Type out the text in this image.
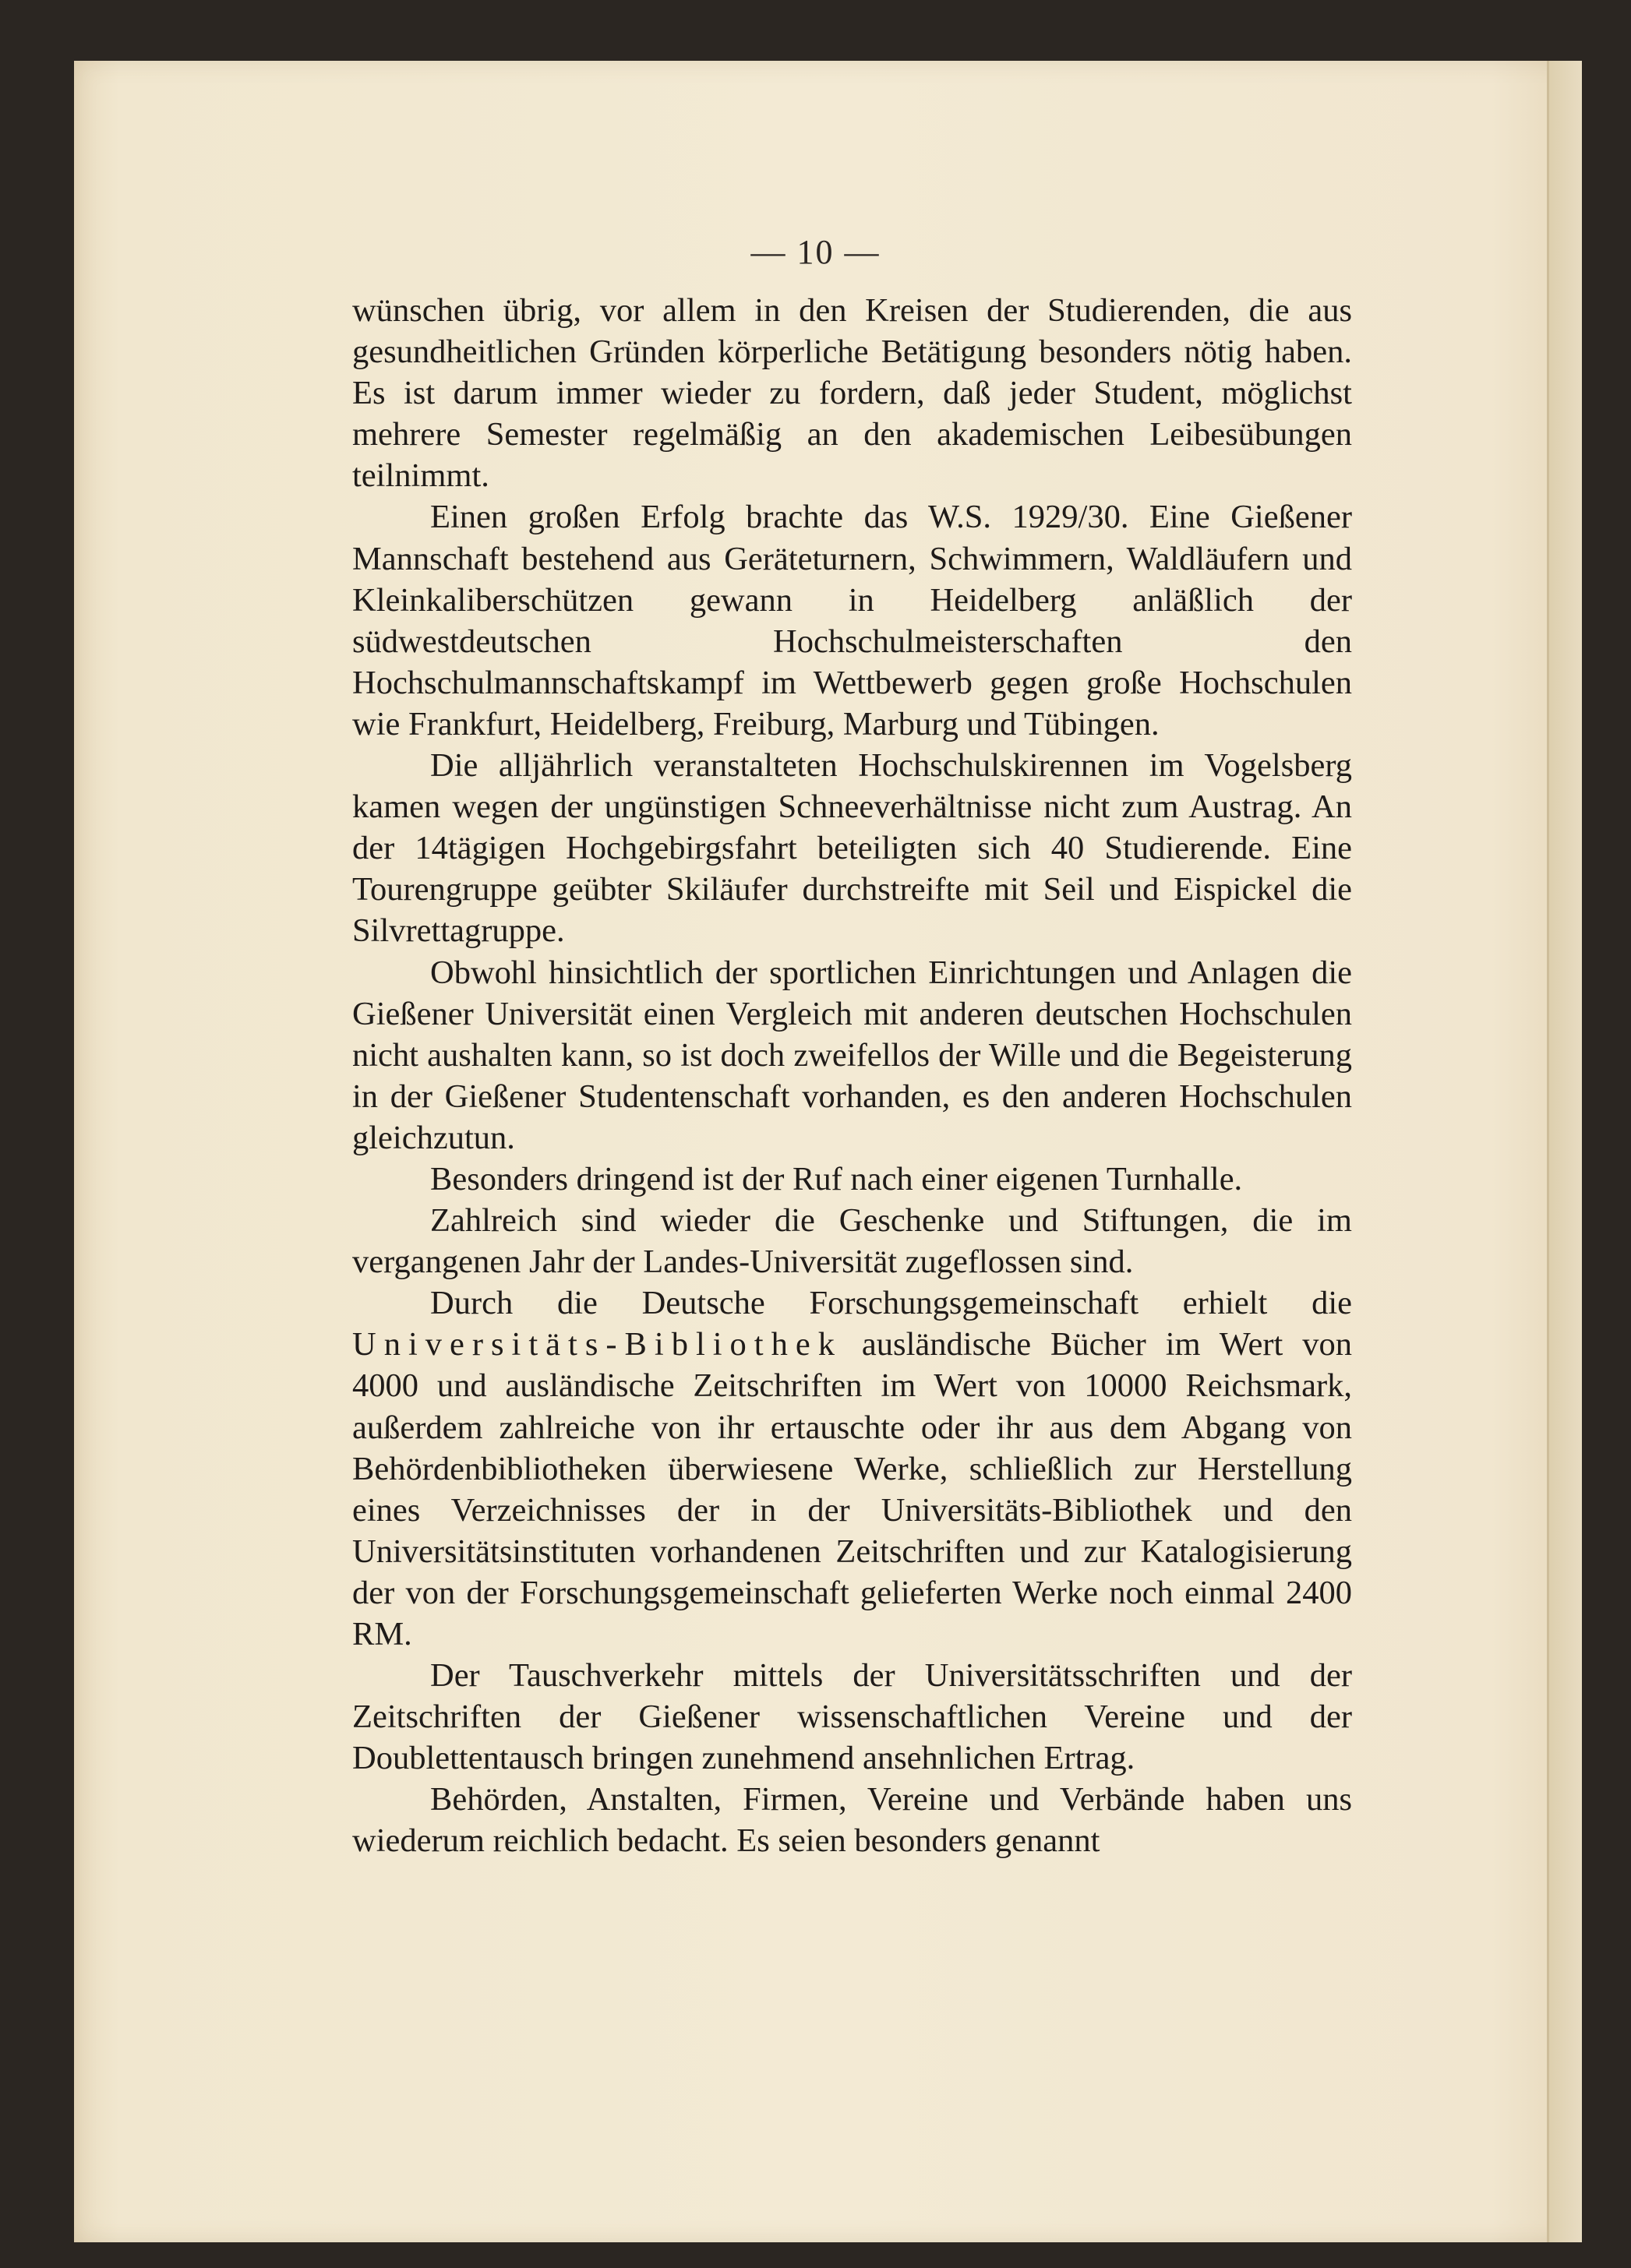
— 10 —

wünschen übrig, vor allem in den Kreisen der Studierenden, die aus gesundheitlichen Gründen körperliche Betätigung besonders nötig haben. Es ist darum immer wieder zu fordern, daß jeder Student, möglichst mehrere Semester regelmäßig an den akademischen Leibesübungen teilnimmt.

Einen großen Erfolg brachte das W.S. 1929/30. Eine Gießener Mannschaft bestehend aus Geräteturnern, Schwimmern, Waldläufern und Kleinkaliberschützen gewann in Heidelberg anläßlich der südwestdeutschen Hochschulmeisterschaften den Hochschulmannschaftskampf im Wettbewerb gegen große Hochschulen wie Frankfurt, Heidelberg, Freiburg, Marburg und Tübingen.

Die alljährlich veranstalteten Hochschulskirennen im Vogelsberg kamen wegen der ungünstigen Schneeverhältnisse nicht zum Austrag. An der 14tägigen Hochgebirgsfahrt beteiligten sich 40 Studierende. Eine Tourengruppe geübter Skiläufer durchstreifte mit Seil und Eispickel die Silvrettagruppe.

Obwohl hinsichtlich der sportlichen Einrichtungen und Anlagen die Gießener Universität einen Vergleich mit anderen deutschen Hochschulen nicht aushalten kann, so ist doch zweifellos der Wille und die Begeisterung in der Gießener Studentenschaft vorhanden, es den anderen Hochschulen gleichzutun.

Besonders dringend ist der Ruf nach einer eigenen Turnhalle.

Zahlreich sind wieder die Geschenke und Stiftungen, die im vergangenen Jahr der Landes-Universität zugeflossen sind.

Durch die Deutsche Forschungsgemeinschaft erhielt die Universitäts-Bibliothek ausländische Bücher im Wert von 4000 und ausländische Zeitschriften im Wert von 10000 Reichsmark, außerdem zahlreiche von ihr ertauschte oder ihr aus dem Abgang von Behördenbibliotheken überwiesene Werke, schließlich zur Herstellung eines Verzeichnisses der in der Universitäts-Bibliothek und den Universitätsinstituten vorhandenen Zeitschriften und zur Katalogisierung der von der Forschungsgemeinschaft gelieferten Werke noch einmal 2400 RM.

Der Tauschverkehr mittels der Universitätsschriften und der Zeitschriften der Gießener wissenschaftlichen Vereine und der Doublettentausch bringen zunehmend ansehnlichen Ertrag.

Behörden, Anstalten, Firmen, Vereine und Verbände haben uns wiederum reichlich bedacht. Es seien besonders genannt
